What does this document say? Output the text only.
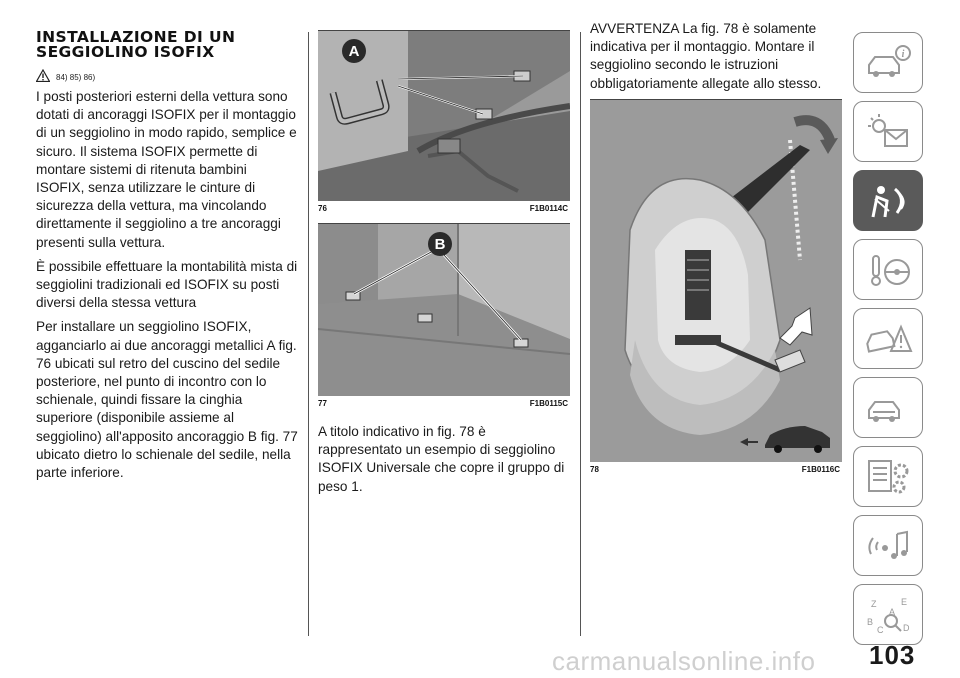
INSTALLAZIONE DI UN
SEGGIOLINO ISOFIX
84) 85) 86)

I posti posteriori esterni della vettura sono dotati di ancoraggi ISOFIX per il montaggio di un seggiolino in modo rapido, semplice e sicuro. Il sistema ISOFIX permette di montare sistemi di ritenuta bambini ISOFIX, senza utilizzare le cinture di sicurezza della vettura, ma vincolando direttamente il seggiolino a tre ancoraggi presenti sulla vettura.

È possibile effettuare la montabilità mista di seggiolini tradizionali ed ISOFIX su posti diversi della stessa vettura

Per installare un seggiolino ISOFIX, agganciarlo ai due ancoraggi metallici A fig. 76 ubicati sul retro del cuscino del sedile posteriore, nel punto di incontro con lo schienale, quindi fissare la cinghia superiore (disponibile assieme al seggiolino) all'apposito ancoraggio B fig. 77 ubicato dietro lo schienale del sedile, nella parte inferiore.

A
76	F1B0114C
B
77	F1B0115C

A titolo indicativo in fig. 78 è rappresentato un esempio di seggiolino ISOFIX Universale che copre il gruppo di peso 1.

AVVERTENZA La fig. 78 è solamente indicativa per il montaggio. Montare il seggiolino secondo le istruzioni obbligatoriamente allegate allo stesso.

78	F1B0116C
i
Z	E
A
B
C D
carmanualsonline.info 103
